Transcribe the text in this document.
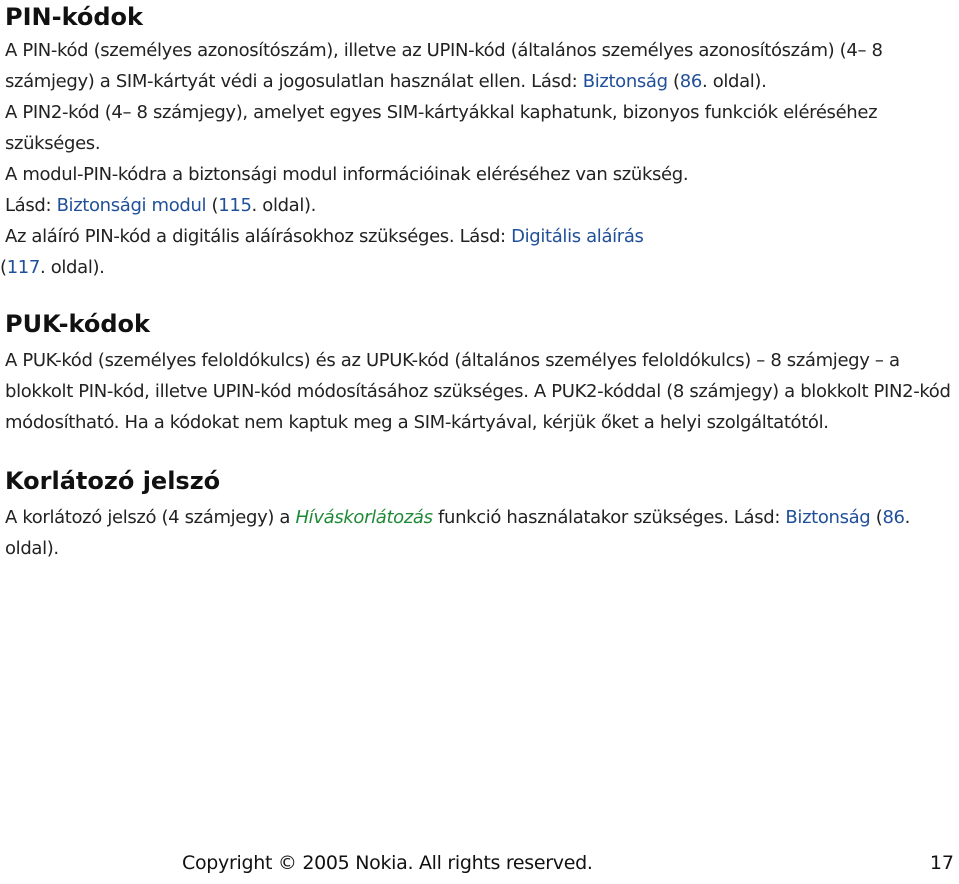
PIN-kódok

A PIN-kód (személyes azonosítószám), illetve az UPIN-kód (általános személyes azonosítószám) (4– 8 számjegy) a SIM-kártyát védi a jogosulatlan használat ellen. Lásd: Biztonság (86. oldal).

A PIN2-kód (4– 8 számjegy), amelyet egyes SIM-kártyákkal kaphatunk, bizonyos funkciók eléréséhez szükséges.

A modul-PIN-kódra a biztonsági modul információinak eléréséhez van szükség.
Lásd: Biztonsági modul (115. oldal).

Az aláíró PIN-kód a digitális aláírásokhoz szükséges. Lásd: Digitális aláírás
(117. oldal).

PUK-kódok

A PUK-kód (személyes feloldókulcs) és az UPUK-kód (általános személyes feloldókulcs) – 8 számjegy – a blokkolt PIN-kód, illetve UPIN-kód módosításához szükséges. A PUK2-kóddal (8 számjegy) a blokkolt PIN2-kód módosítható. Ha a kódokat nem kaptuk meg a SIM-kártyával, kérjük őket a helyi szolgáltatótól.

Korlátozó jelszó

A korlátozó jelszó (4 számjegy) a Híváskorlátozás funkció használatakor szükséges. Lásd: Biztonság (86. oldal).

Copyright © 2005 Nokia. All rights reserved.	17
